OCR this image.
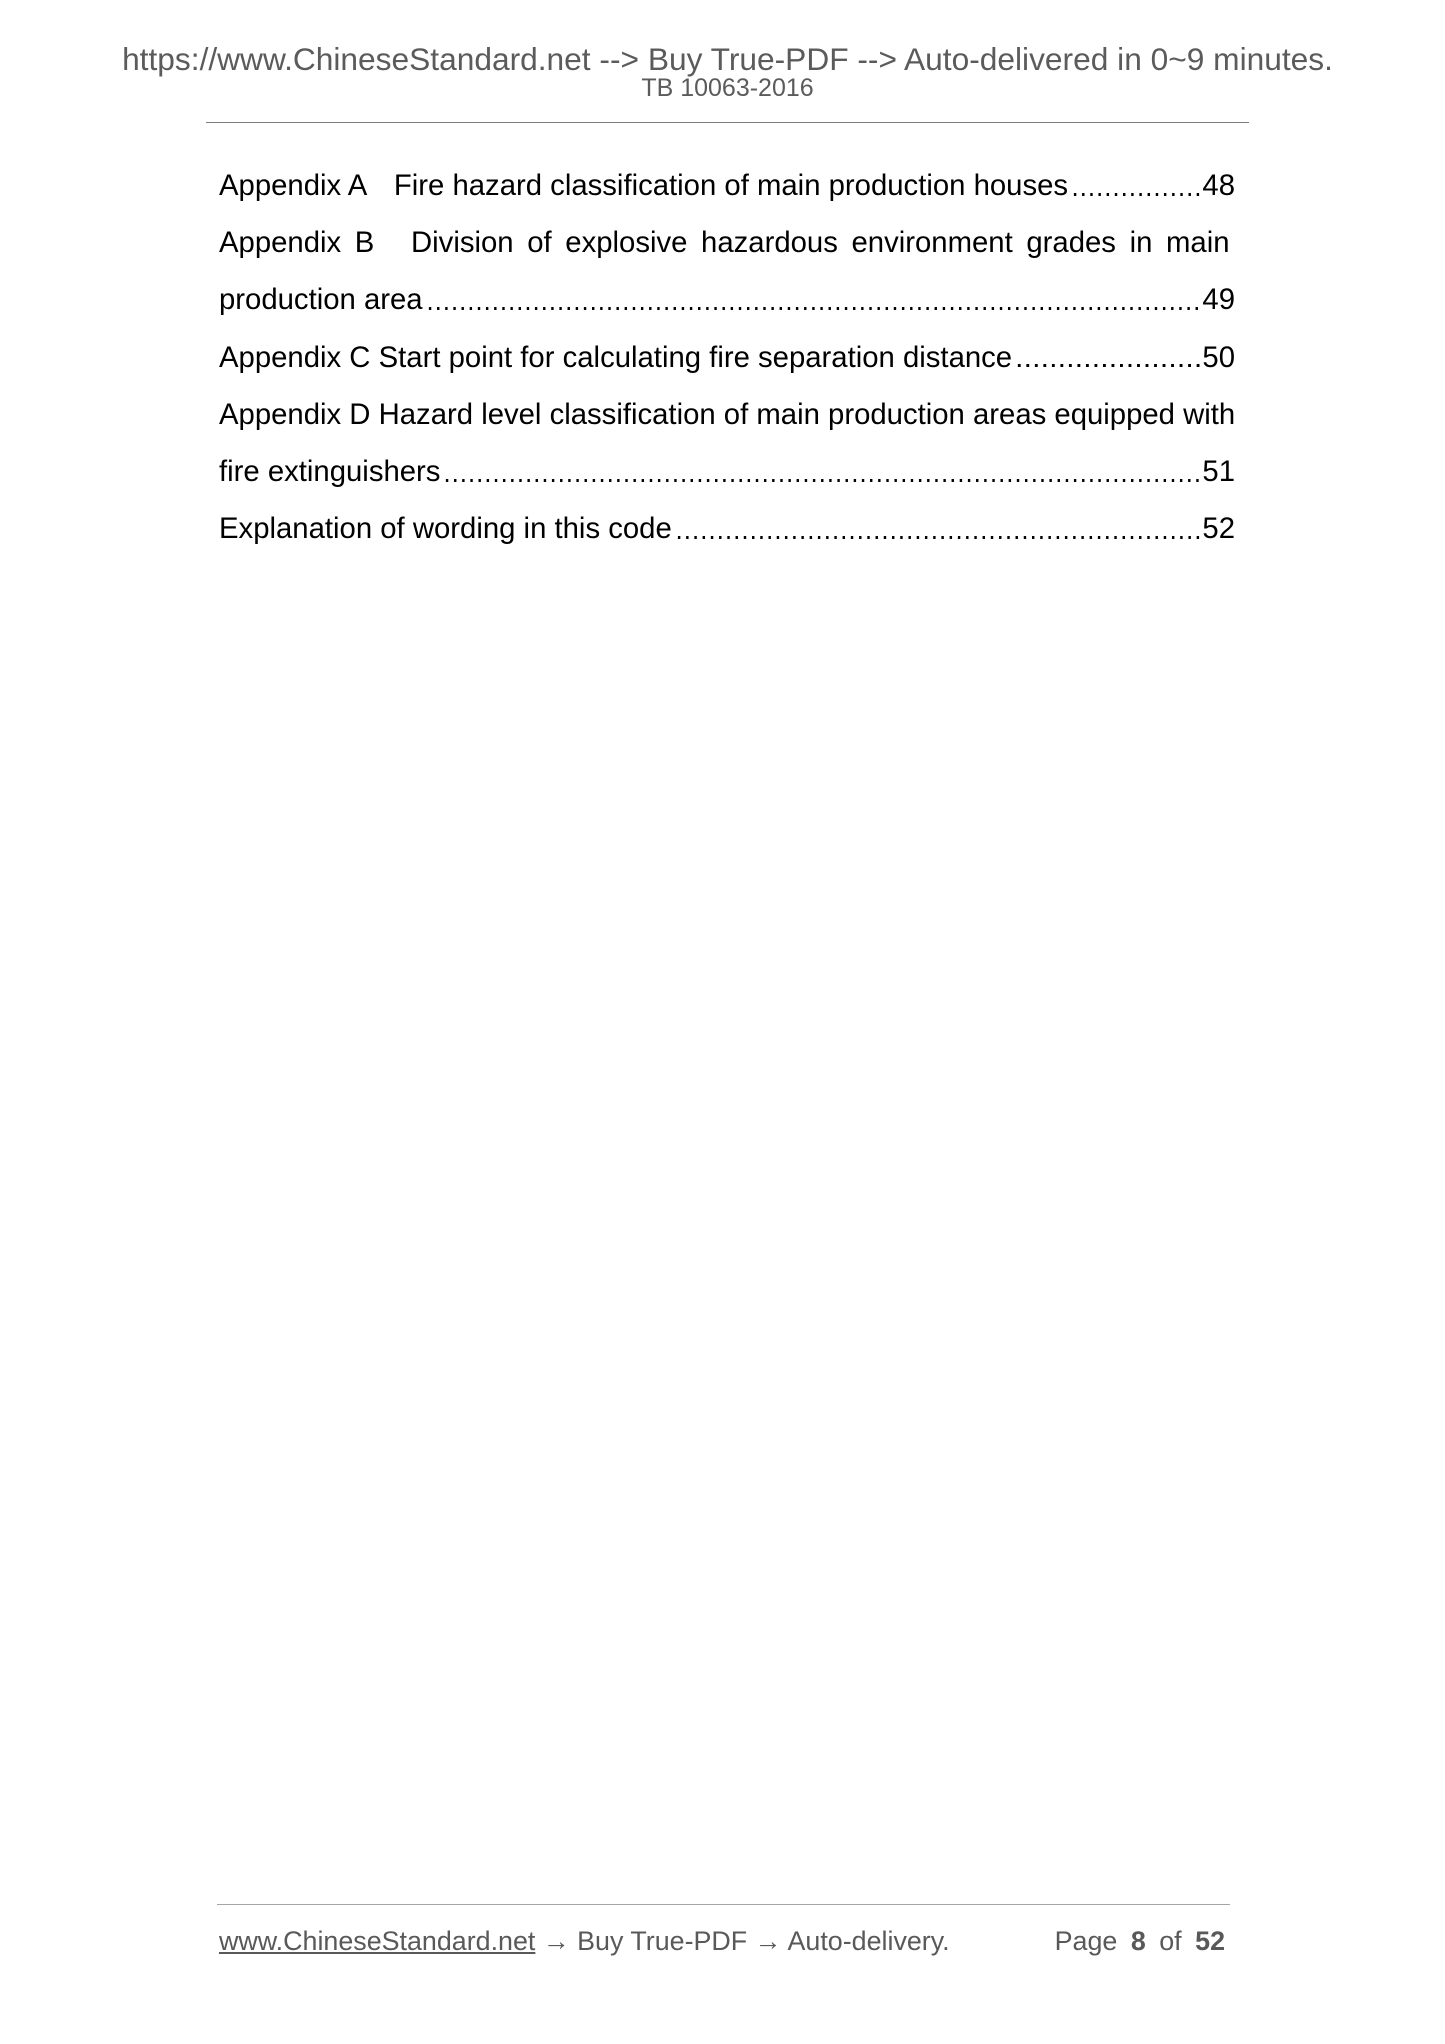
https://www.ChineseStandard.net --> Buy True-PDF --> Auto-delivered in 0~9 minutes.
TB 10063-2016
Appendix A Fire hazard classification of main production houses	48
Appendix B Division of explosive hazardous environment grades in main
production area	49
Appendix C Start point for calculating fire separation distance	50
Appendix D Hazard level classification of main production areas equipped with
fire extinguishers	51
Explanation of wording in this code	52
www.ChineseStandard.net → Buy True-PDF → Auto-delivery.	Page 8 of 52
